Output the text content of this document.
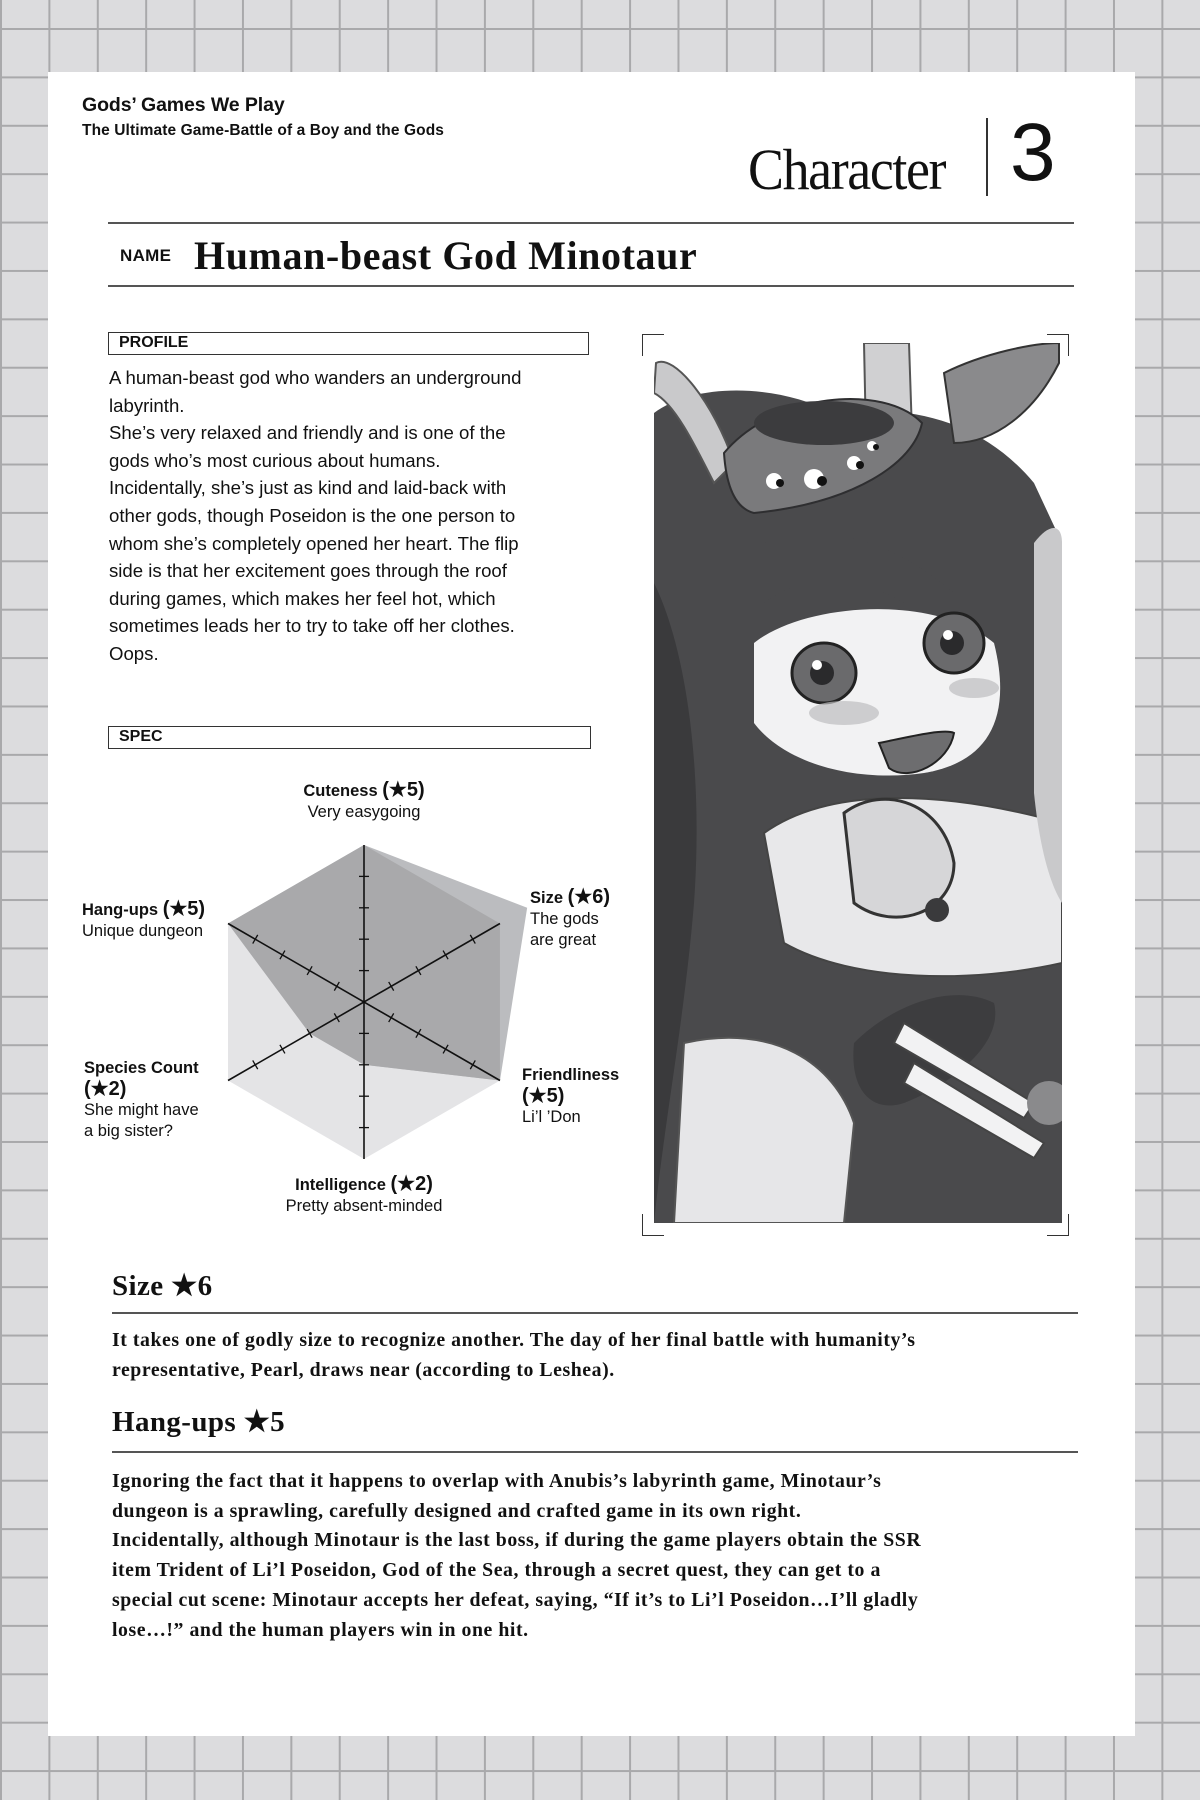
Gods’ Games We Play
The Ultimate Game-Battle of a Boy and the Gods
Character 3
NAME Human-beast God Minotaur
PROFILE
A human-beast god who wanders an underground
labyrinth.
She’s very relaxed and friendly and is one of the
gods who’s most curious about humans.
Incidentally, she’s just as kind and laid-back with
other gods, though Poseidon is the one person to
whom she’s completely opened her heart. The flip
side is that her excitement goes through the roof
during games, which makes her feel hot, which
sometimes leads her to try to take off her clothes.
Oops.
SPEC
Cuteness (★5)
Very easygoing
Size (★6)
The gods
are great
Friendliness
(★5)
Li’l ’Don
Intelligence (★2)
Pretty absent-minded
Species Count
(★2)
She might have
a big sister?
Hang-ups (★5)
Unique dungeon
Size ★6
It takes one of godly size to recognize another. The day of her final battle with humanity’s
representative, Pearl, draws near (according to Leshea).
Hang-ups ★5
Ignoring the fact that it happens to overlap with Anubis’s labyrinth game, Minotaur’s
dungeon is a sprawling, carefully designed and crafted game in its own right.
Incidentally, although Minotaur is the last boss, if during the game players obtain the SSR
item Trident of Li’l Poseidon, God of the Sea, through a secret quest, they can get to a
special cut scene: Minotaur accepts her defeat, saying, “If it’s to Li’l Poseidon…I’ll gladly
lose…!” and the human players win in one hit.
